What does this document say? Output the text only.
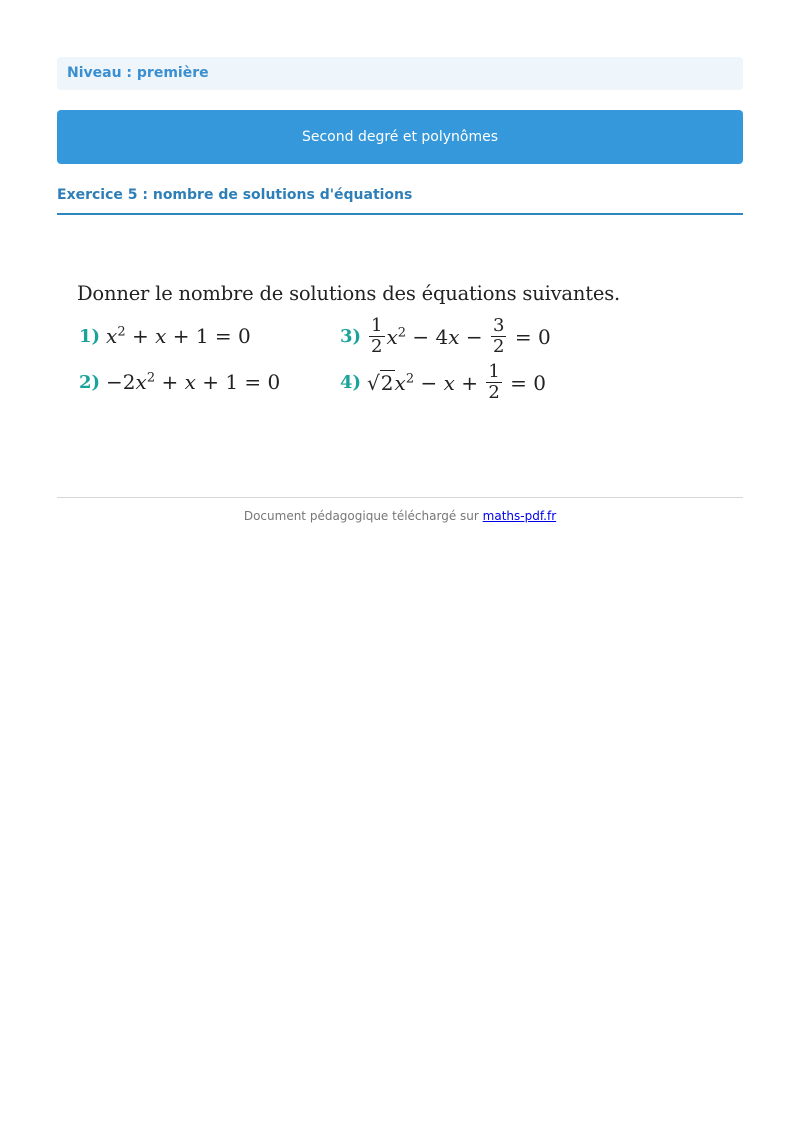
Niveau : première
Second degré et polynômes
Exercice 5 : nombre de solutions d'équations
Donner le nombre de solutions des équations suivantes.
1) $x^2 + x + 1 = 0$
$2) -2x^2 + x + 1 = 0$
$3) \frac{1}{2} x^2 - 4x - \frac{3}{2} = 0$
4) √ 2 $x^2 - x + \frac{1}{2} = 0$
Document pédagogique téléchargé sur maths-pdf.fr
